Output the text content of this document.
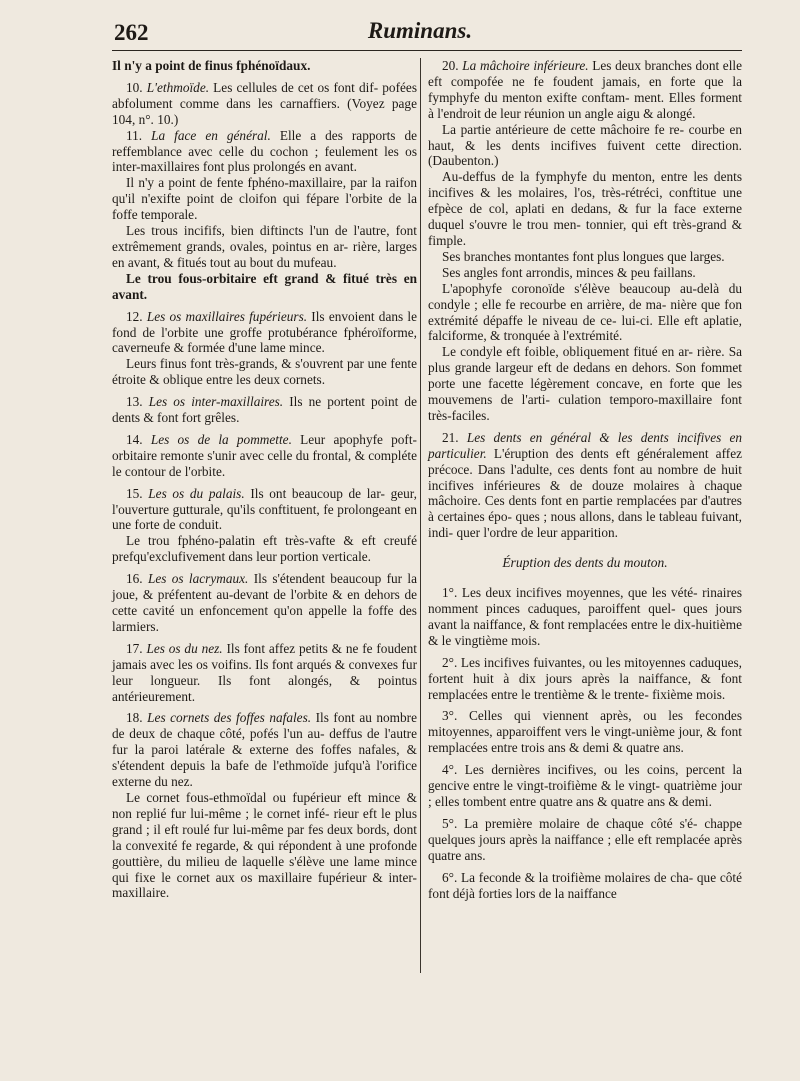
262	Ruminans.

Il n'y a point de finus fphénoïdaux.

10. L'ethmoïde. Les cellules de cet os font dif- pofées abfolument comme dans les carnaffiers. (Voyez page 104, n°. 10.)

11. La face en général. Elle a des rapports de reffemblance avec celle du cochon ; feulement les os inter-maxillaires font plus prolongés en avant.

Il n'y a point de fente fphéno-maxillaire, par la raifon qu'il n'exifte point de cloifon qui fépare l'orbite de la foffe temporale.

Les trous incififs, bien diftincts l'un de l'autre, font extrêmement grands, ovales, pointus en ar- rière, larges en avant, & fitués tout au bout du mufeau.

Le trou fous-orbitaire eft grand & fitué très en avant.

12. Les os maxillaires fupérieurs. Ils envoient dans le fond de l'orbite une groffe protubérance fphéroïforme, caverneufe & formée d'une lame mince.

Leurs finus font très-grands, & s'ouvrent par une fente étroite & oblique entre les deux cornets.

13. Les os inter-maxillaires. Ils ne portent point de dents & font fort grêles.

14. Les os de la pommette. Leur apophyfe poft- orbitaire remonte s'unir avec celle du frontal, & compléte le contour de l'orbite.

15. Les os du palais. Ils ont beaucoup de lar- geur, l'ouverture gutturale, qu'ils conftituent, fe prolongeant en une forte de conduit.

Le trou fphéno-palatin eft très-vafte & eft creufé prefqu'exclufivement dans leur portion verticale.

16. Les os lacrymaux. Ils s'étendent beaucoup fur la joue, & préfentent au-devant de l'orbite & en dehors de cette cavité un enfoncement qu'on appelle la foffe des larmiers.

17. Les os du nez. Ils font affez petits & ne fe foudent jamais avec les os voifins. Ils font arqués & convexes fur leur longueur. Ils font alongés, & pointus antérieurement.

18. Les cornets des foffes nafales. Ils font au nombre de deux de chaque côté, pofés l'un au- deffus de l'autre fur la paroi latérale & externe des foffes nafales, & s'étendent depuis la bafe de l'ethmoïde jufqu'à l'orifice externe du nez.

Le cornet fous-ethmoïdal ou fupérieur eft mince & non replié fur lui-même ; le cornet infé- rieur eft le plus grand ; il eft roulé fur lui-même par fes deux bords, dont la convexité fe regarde, & qui répondent à une profonde gouttière, du milieu de laquelle s'élève une lame mince qui fixe le cornet aux os maxillaire fupérieur & inter- maxillaire.

20. La mâchoire inférieure. Les deux branches dont elle eft compofée ne fe foudent jamais, en forte que la fymphyfe du menton exifte conftam- ment. Elles forment à l'endroit de leur réunion un angle aigu & alongé.

La partie antérieure de cette mâchoire fe re- courbe en haut, & les dents incifives fuivent cette direction. (Daubenton.)

Au-deffus de la fymphyfe du menton, entre les dents incifives & les molaires, l'os, très-rétréci, conftitue une efpèce de col, aplati en dedans, & fur la face externe duquel s'ouvre le trou men- tonnier, qui eft très-grand & fimple.

Ses branches montantes font plus longues que larges.

Ses angles font arrondis, minces & peu faillans.

L'apophyfe coronoïde s'élève beaucoup au-delà du condyle ; elle fe recourbe en arrière, de ma- nière que fon extrémité dépaffe le niveau de ce- lui-ci. Elle eft aplatie, falciforme, & tronquée à l'extrémité.

Le condyle eft foible, obliquement fitué en ar- rière. Sa plus grande largeur eft de dedans en dehors. Son fommet porte une facette légèrement concave, en forte que les mouvemens de l'arti- culation temporo-maxillaire font très-faciles.

21. Les dents en général & les dents incifives en particulier. L'éruption des dents eft généralement affez précoce. Dans l'adulte, ces dents font au nombre de huit incifives inférieures & de douze molaires à chaque mâchoire. Ces dents font en partie remplacées par d'autres à certaines épo- ques ; nous allons, dans le tableau fuivant, indi- quer l'ordre de leur apparition.

Éruption des dents du mouton.

1°. Les deux incifives moyennes, que les vété- rinaires nomment pinces caduques, paroiffent quel- ques jours avant la naiffance, & font remplacées entre le dix-huitième & le vingtième mois.

2°. Les incifives fuivantes, ou les mitoyennes caduques, fortent huit à dix jours après la naiffance, & font remplacées entre le trentième & le trente- fixième mois.

3°. Celles qui viennent après, ou les fecondes mitoyennes, apparoiffent vers le vingt-unième jour, & font remplacées entre trois ans & demi & quatre ans.

4°. Les dernières incifives, ou les coins, percent la gencive entre le vingt-troifième & le vingt- quatrième jour ; elles tombent entre quatre ans & quatre ans & demi.

5°. La première molaire de chaque côté s'é- chappe quelques jours après la naiffance ; elle eft remplacée après quatre ans.

6°. La feconde & la troifième molaires de cha- que côté font déjà forties lors de la naiffance
